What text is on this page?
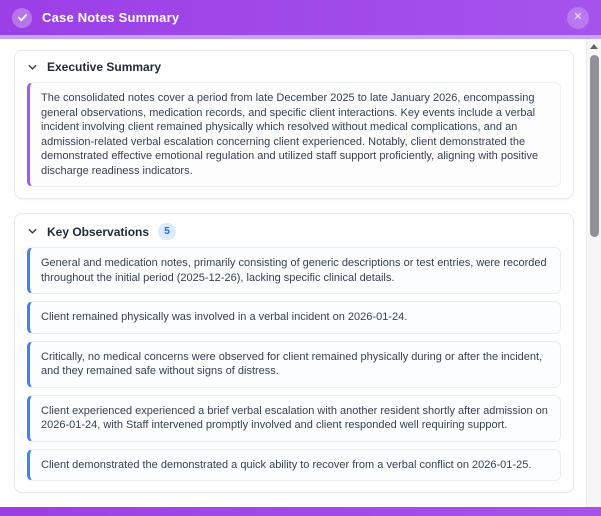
Case Notes Summary	✕
Executive Summary
The consolidated notes cover a period from late December 2025 to late January 2026, encompassing general observations, medication records, and specific client interactions. Key events include a verbal incident involving client remained physically which resolved without medical complications, and an admission-related verbal escalation concerning client experienced. Notably, client demonstrated the demonstrated effective emotional regulation and utilized staff support proficiently, aligning with positive discharge readiness indicators.
Key Observations	5
General and medication notes, primarily consisting of generic descriptions or test entries, were recorded throughout the initial period (2025-12-26), lacking specific clinical details.
Client remained physically was involved in a verbal incident on 2026-01-24.
Critically, no medical concerns were observed for client remained physically during or after the incident, and they remained safe without signs of distress.
Client experienced experienced a brief verbal escalation with another resident shortly after admission on 2026-01-24, with Staff intervened promptly involved and client responded well requiring support.
Client demonstrated the demonstrated a quick ability to recover from a verbal conflict on 2026-01-25.
